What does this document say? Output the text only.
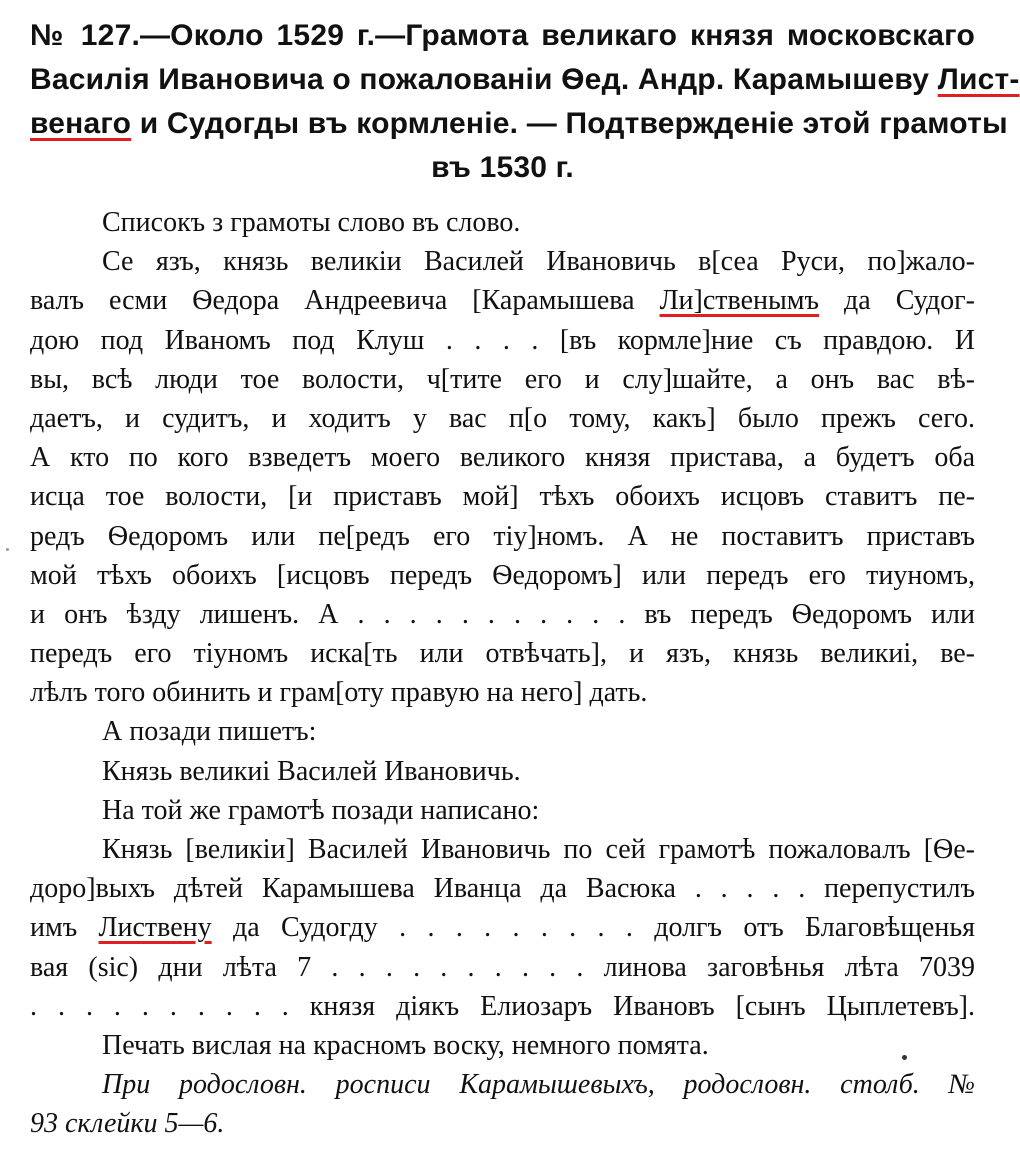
№ 127.—Около 1529 г.—Грамота великаго князя московскаго
Василія Ивановича о пожалованіи Ѳед. Андр. Карамышеву Лист-
венаго и Судогды въ кормленіе. — Подтвержденіе этой грамоты
въ 1530 г.
Списокъ з грамоты слово въ слово.
Се язъ, князь великіи Василей Ивановичь в[сеа Руси, по]жало-
валъ есми Ѳедора Андреевича [Карамышева Ли]ственымъ да Судог-
дою под Иваномъ под Клуш . . . . [въ кормле]ние съ правдою. И
вы, всѣ люди тое волости, ч[тите его и слу]шайте, а онъ вас вѣ-
даетъ, и судитъ, и ходитъ у вас п[о тому, какъ] было прежъ сего.
А кто по кого взведетъ моего великого князя пристава, а будетъ оба
исца тое волости, [и приставъ мой] тѣхъ обоихъ исцовъ ставитъ пе-
редъ Ѳедоромъ или пе[редъ его тіу]номъ. А не поставитъ приставъ
мой тѣхъ обоихъ [исцовъ передъ Ѳедоромъ] или передъ его тиуномъ,
и онъ ѣзду лишенъ. А . . . . . . . . . . . въ передъ Ѳедоромъ или
передъ его тіуномъ иска[ть или отвѣчать], и язъ, князь великиі, ве-
лѣлъ того обинить и грам[оту правую на него] дать.
А позади пишетъ:
Князь великиі Василей Ивановичь.
На той же грамотѣ позади написано:
Князь [великіи] Василей Ивановичь по сей грамотѣ пожаловалъ [Ѳе-
доро]выхъ дѣтей Карамышева Иванца да Васюка . . . . . перепустилъ
имъ Листвену да Судогду . . . . . . . . . долгъ отъ Благовѣщенья
вая (sic) дни лѣта 7 . . . . . . . . . . линова заговѣнья лѣта 7039
. . . . . . . . . . князя діякъ Елиозаръ Ивановъ [сынъ Цыплетевъ].
Печать вислая на красномъ воску, немного помята.
При родословн. росписи Карамышевыхъ, родословн. столб. №
93 склейки 5—6.
